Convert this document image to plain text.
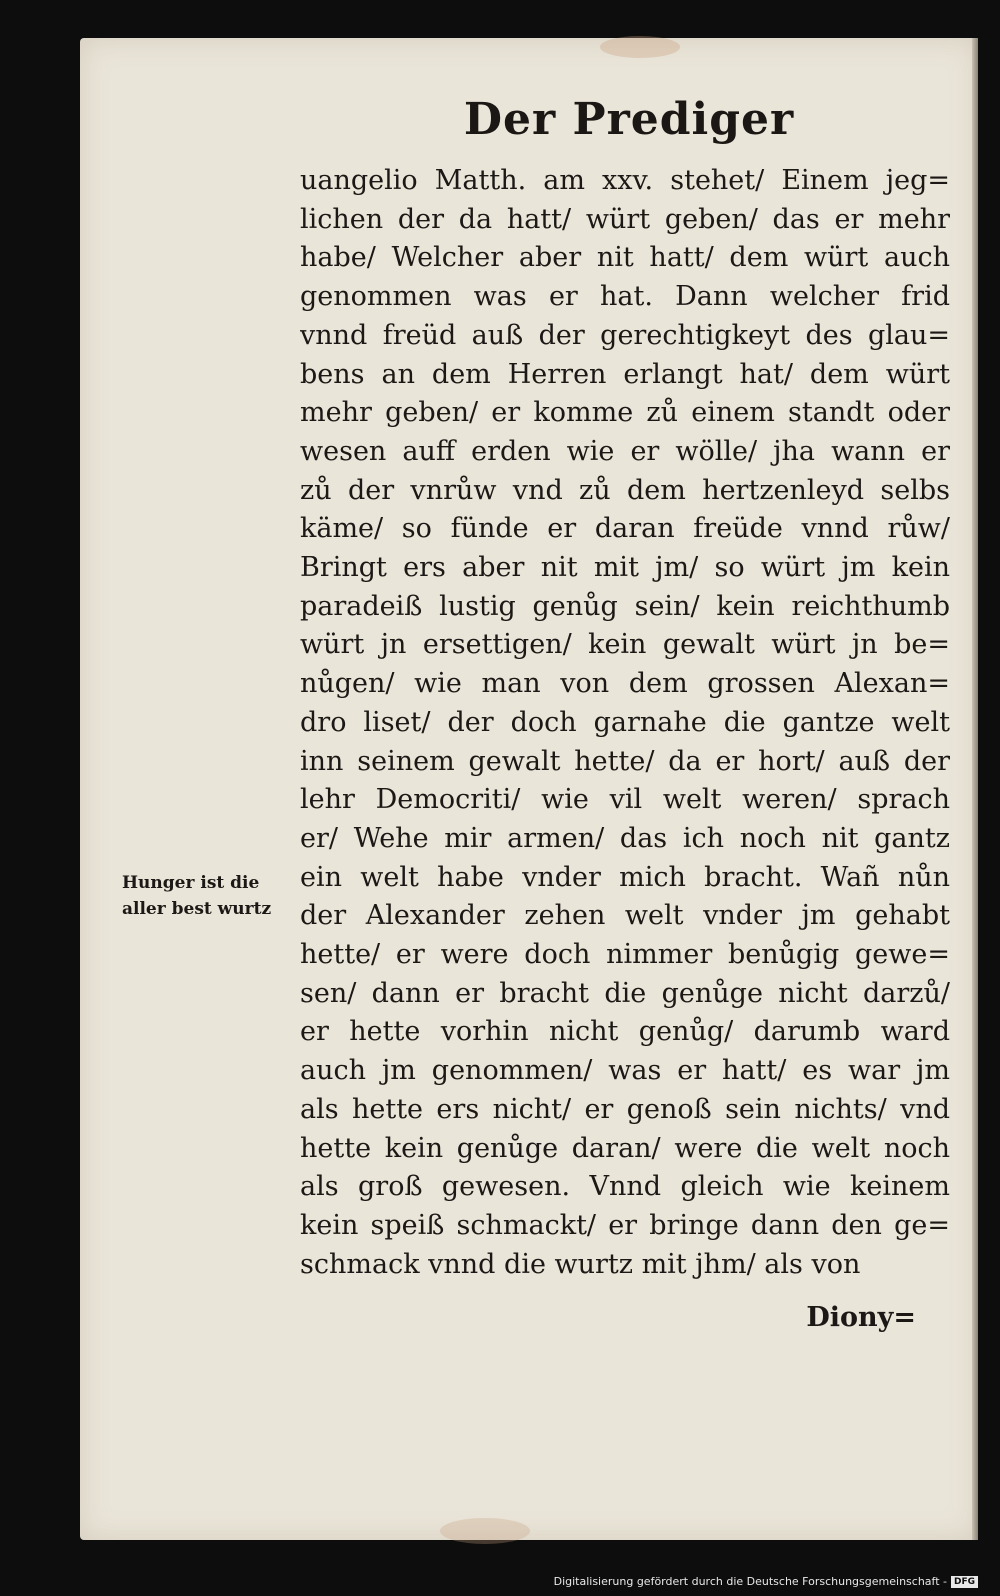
Der Prediger
Hunger ist die
aller best wurtz
uangelio Matth. am xxv. stehet/ Einem jeg=
lichen der da hatt/ würt geben/ das er mehr
habe/ Welcher aber nit hatt/ dem würt auch
genommen was er hat. Dann welcher frid
vnnd freüd auß der gerechtigkeyt des glau=
bens an dem Herren erlangt hat/ dem würt
mehr geben/ er komme zů einem standt oder
wesen auff erden wie er wölle/ jha wann er
zů der vnrůw vnd zů dem hertzenleyd selbs
käme/ so fünde er daran freüde vnnd růw/
Bringt ers aber nit mit jm/ so würt jm kein
paradeiß lustig genůg sein/ kein reichthumb
würt jn ersettigen/ kein gewalt würt jn be=
nůgen/ wie man von dem grossen Alexan=
dro liset/ der doch garnahe die gantze welt
inn seinem gewalt hette/ da er hort/ auß der
lehr Democriti/ wie vil welt weren/ sprach
er/ Wehe mir armen/ das ich noch nit gantz
ein welt habe vnder mich bracht. Wañ nůn
der Alexander zehen welt vnder jm gehabt
hette/ er were doch nimmer benůgig gewe=
sen/ dann er bracht die genůge nicht darzů/
er hette vorhin nicht genůg/ darumb ward
auch jm genommen/ was er hatt/ es war jm
als hette ers nicht/ er genoß sein nichts/ vnd
hette kein genůge daran/ were die welt noch
als groß gewesen. Vnnd gleich wie keinem
kein speiß schmackt/ er bringe dann den ge=
schmack vnnd die wurtz mit jhm/ als von
Diony=
Digitalisierung gefördert durch die Deutsche Forschungsgemeinschaft - DFG
